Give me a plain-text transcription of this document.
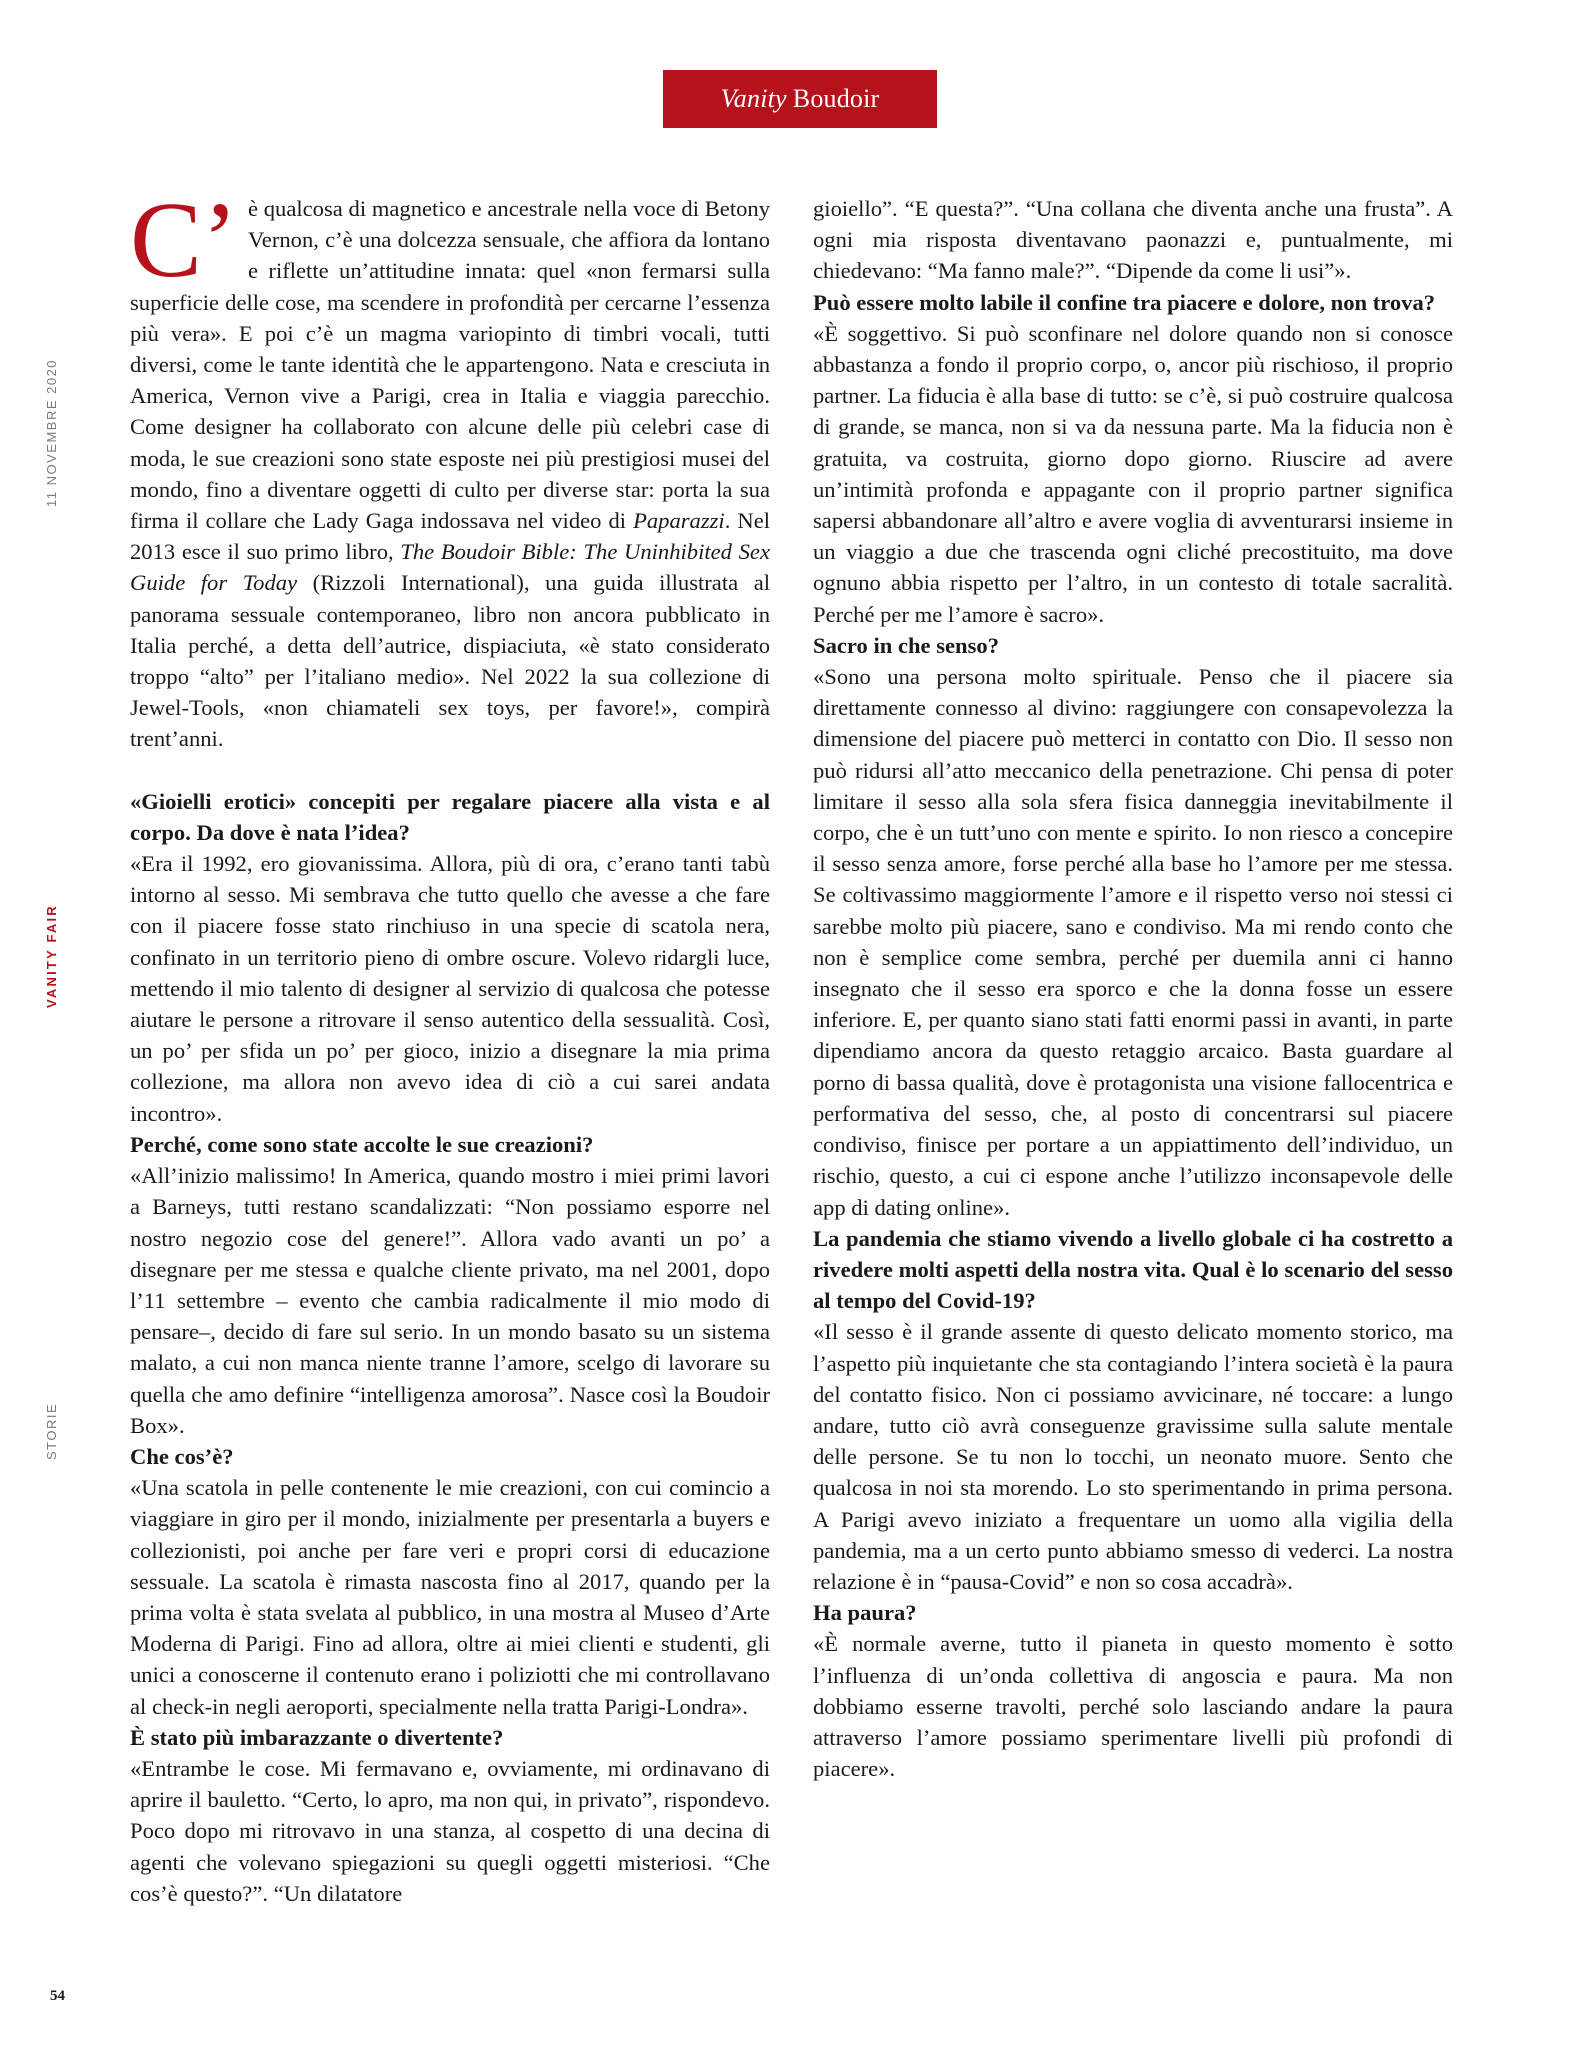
Vanity Boudoir
11 NOVEMBRE 2020
VANITY FAIR
STORIE

C’ è qualcosa di magnetico e ancestrale nella voce di Betony Vernon, c’è una dolcezza sensuale, che affiora da lontano e riflette un’attitudine innata: quel «non fermarsi sulla superficie delle cose, ma scendere in profondità per cercarne l’essenza più vera». E poi c’è un magma variopinto di timbri vocali, tutti diversi, come le tante identità che le appartengono. Nata e cresciuta in America, Vernon vive a Parigi, crea in Italia e viaggia parecchio. Come designer ha collaborato con alcune delle più celebri case di moda, le sue creazioni sono state esposte nei più prestigiosi musei del mondo, fino a diventare oggetti di culto per diverse star: porta la sua firma il collare che Lady Gaga indossava nel video di Paparazzi. Nel 2013 esce il suo primo libro, The Boudoir Bible: The Uninhibited Sex Guide for Today (Rizzoli International), una guida illustrata al panorama sessuale contemporaneo, libro non ancora pubblicato in Italia perché, a detta dell’autrice, dispiaciuta, «è stato considerato troppo “alto” per l’italiano medio». Nel 2022 la sua collezione di Jewel-Tools, «non chiamateli sex toys, per favore!», compirà trent’anni.

«Gioielli erotici» concepiti per regalare piacere alla vista e al corpo. Da dove è nata l’idea?

«Era il 1992, ero giovanissima. Allora, più di ora, c’erano tanti tabù intorno al sesso. Mi sembrava che tutto quello che avesse a che fare con il piacere fosse stato rinchiuso in una specie di scatola nera, confinato in un territorio pieno di ombre oscure. Volevo ridargli luce, mettendo il mio talento di designer al servizio di qualcosa che potesse aiutare le persone a ritrovare il senso autentico della sessualità. Così, un po’ per sfida un po’ per gioco, inizio a disegnare la mia prima collezione, ma allora non avevo idea di ciò a cui sarei andata incontro».

Perché, come sono state accolte le sue creazioni?

«All’inizio malissimo! In America, quando mostro i miei primi lavori a Barneys, tutti restano scandalizzati: “Non possiamo esporre nel nostro negozio cose del genere!”. Allora vado avanti un po’ a disegnare per me stessa e qualche cliente privato, ma nel 2001, dopo l’11 settembre – evento che cambia radicalmente il mio modo di pensare–, decido di fare sul serio. In un mondo basato su un sistema malato, a cui non manca niente tranne l’amore, scelgo di lavorare su quella che amo definire “intelligenza amorosa”. Nasce così la Boudoir Box».

Che cos’è?

«Una scatola in pelle contenente le mie creazioni, con cui comincio a viaggiare in giro per il mondo, inizialmente per presentarla a buyers e collezionisti, poi anche per fare veri e propri corsi di educazione sessuale. La scatola è rimasta nascosta fino al 2017, quando per la prima volta è stata svelata al pubblico, in una mostra al Museo d’Arte Moderna di Parigi. Fino ad allora, oltre ai miei clienti e studenti, gli unici a conoscerne il contenuto erano i poliziotti che mi controllavano al check-in negli aeroporti, specialmente nella tratta Parigi-Londra».

È stato più imbarazzante o divertente?

«Entrambe le cose. Mi fermavano e, ovviamente, mi ordinavano di aprire il bauletto. “Certo, lo apro, ma non qui, in privato”, rispondevo. Poco dopo mi ritrovavo in una stanza, al cospetto di una decina di agenti che volevano spiegazioni su quegli oggetti misteriosi. “Che cos’è questo?”. “Un dilatatore

gioiello”. “E questa?”. “Una collana che diventa anche una frusta”. A ogni mia risposta diventavano paonazzi e, puntualmente, mi chiedevano: “Ma fanno male?”. “Dipende da come li usi”».

Può essere molto labile il confine tra piacere e dolore, non trova?

«È soggettivo. Si può sconfinare nel dolore quando non si conosce abbastanza a fondo il proprio corpo, o, ancor più rischioso, il proprio partner. La fiducia è alla base di tutto: se c’è, si può costruire qualcosa di grande, se manca, non si va da nessuna parte. Ma la fiducia non è gratuita, va costruita, giorno dopo giorno. Riuscire ad avere un’intimità profonda e appagante con il proprio partner significa sapersi abbandonare all’altro e avere voglia di avventurarsi insieme in un viaggio a due che trascenda ogni cliché precostituito, ma dove ognuno abbia rispetto per l’altro, in un contesto di totale sacralità. Perché per me l’amore è sacro».

Sacro in che senso?

«Sono una persona molto spirituale. Penso che il piacere sia direttamente connesso al divino: raggiungere con consapevolezza la dimensione del piacere può metterci in contatto con Dio. Il sesso non può ridursi all’atto meccanico della penetrazione. Chi pensa di poter limitare il sesso alla sola sfera fisica danneggia inevitabilmente il corpo, che è un tutt’uno con mente e spirito. Io non riesco a concepire il sesso senza amore, forse perché alla base ho l’amore per me stessa. Se coltivassimo maggiormente l’amore e il rispetto verso noi stessi ci sarebbe molto più piacere, sano e condiviso. Ma mi rendo conto che non è semplice come sembra, perché per duemila anni ci hanno insegnato che il sesso era sporco e che la donna fosse un essere inferiore. E, per quanto siano stati fatti enormi passi in avanti, in parte dipendiamo ancora da questo retaggio arcaico. Basta guardare al porno di bassa qualità, dove è protagonista una visione fallocentrica e performativa del sesso, che, al posto di concentrarsi sul piacere condiviso, finisce per portare a un appiattimento dell’individuo, un rischio, questo, a cui ci espone anche l’utilizzo inconsapevole delle app di dating online».

La pandemia che stiamo vivendo a livello globale ci ha costretto a rivedere molti aspetti della nostra vita. Qual è lo scenario del sesso al tempo del Covid-19?

«Il sesso è il grande assente di questo delicato momento storico, ma l’aspetto più inquietante che sta contagiando l’intera società è la paura del contatto fisico. Non ci possiamo avvicinare, né toccare: a lungo andare, tutto ciò avrà conseguenze gravissime sulla salute mentale delle persone. Se tu non lo tocchi, un neonato muore. Sento che qualcosa in noi sta morendo. Lo sto sperimentando in prima persona. A Parigi avevo iniziato a frequentare un uomo alla vigilia della pandemia, ma a un certo punto abbiamo smesso di vederci. La nostra relazione è in “pausa-Covid” e non so cosa accadrà».

Ha paura?

«È normale averne, tutto il pianeta in questo momento è sotto l’influenza di un’onda collettiva di angoscia e paura. Ma non dobbiamo esserne travolti, perché solo lasciando andare la paura attraverso l’amore possiamo sperimentare livelli più profondi di piacere».

54
